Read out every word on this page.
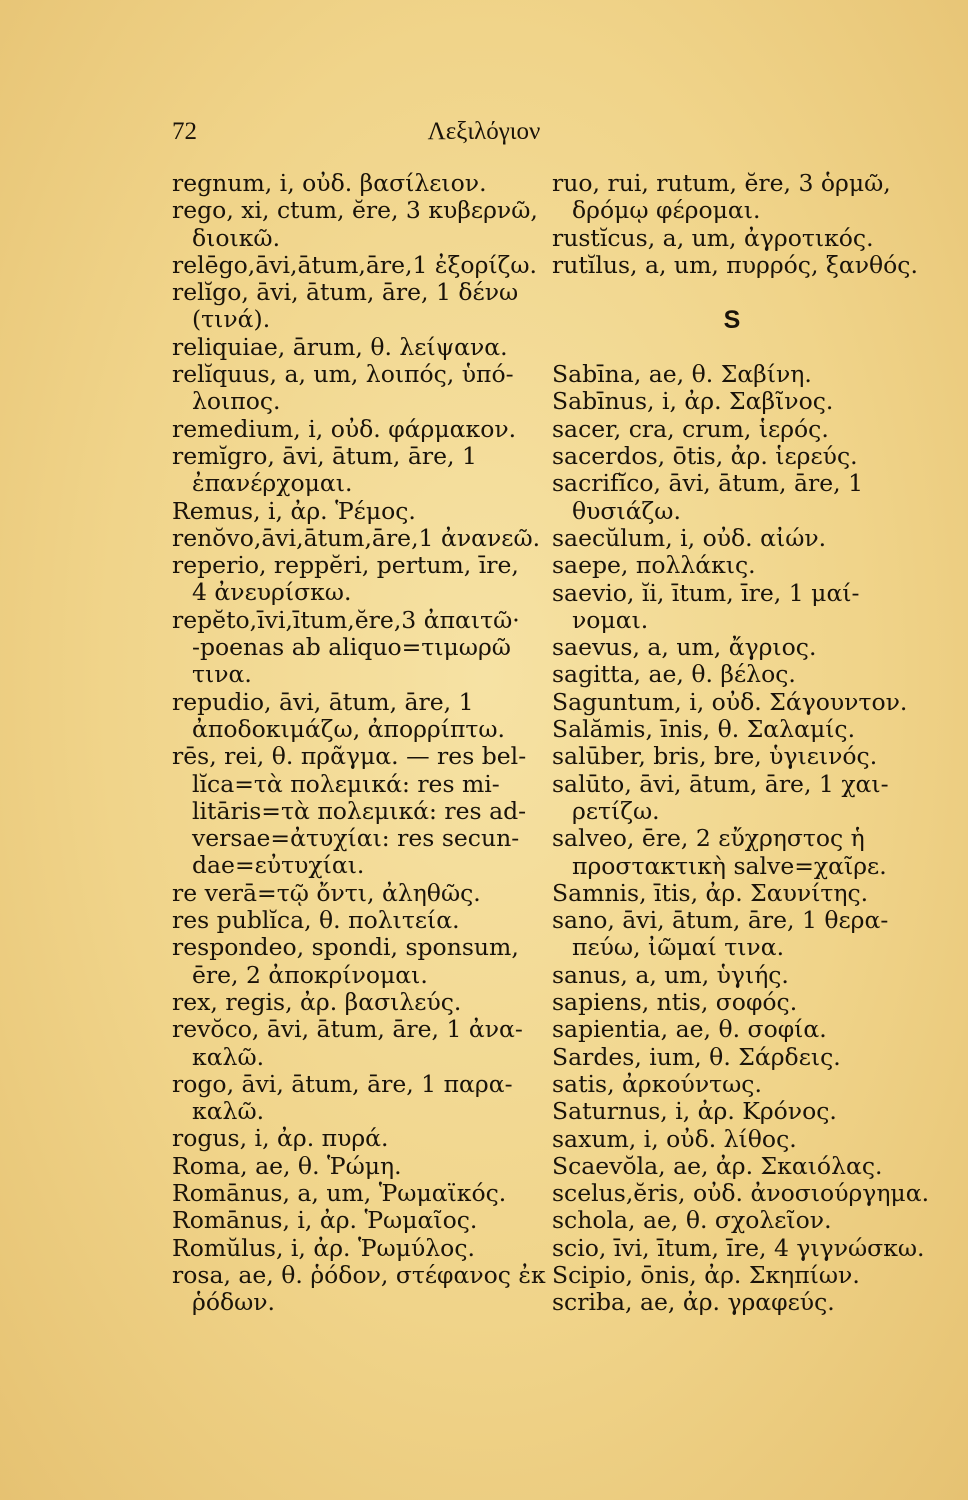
72	Λεξιλόγιον
regnum, i, οὐδ. βασίλειον.
rego, xi, ctum, ĕre, 3 κυβερνῶ,
διοικῶ.
relēgo,āvi,ātum,āre,1 ἐξορίζω.
relĭgo, āvi, ātum, āre, 1 δένω
(τινά).
reliquiae, ārum, θ. λείψανα.
relĭquus, a, um, λοιπός, ὑπό-
λοιπος.
remedium, i, οὐδ. φάρμακον.
remĭgro, āvi, ātum, āre, 1
ἐπανέρχομαι.
Remus, i, ἀρ. Ῥέμος.
renŏvo,āvi,ātum,āre,1 ἀνανεῶ.
reperio, reppĕri, pertum, īre,
4 ἀνευρίσκω.
repĕto,īvi,ītum,ĕre,3 ἀπαιτῶ·
-poenas ab aliquo=τιμωρῶ
τινα.
repudio, āvi, ātum, āre, 1
ἀποδοκιμάζω, ἀπορρίπτω.
rēs, rei, θ. πρᾶγμα. — res bel-
lĭca=τὰ πολεμικά: res mi-
litāris=τὰ πολεμικά: res ad-
versae=ἀτυχίαι: res secun-
dae=εὐτυχίαι.
re verā=τῷ ὄντι, ἀληθῶς.
res publĭca, θ. πολιτεία.
respondeo, spondi, sponsum,
ēre, 2 ἀποκρίνομαι.
rex, regis, ἀρ. βασιλεύς.
revŏco, āvi, ātum, āre, 1 ἀνα-
καλῶ.
rogo, āvi, ātum, āre, 1 παρα-
καλῶ.
rogus, i, ἀρ. πυρά.
Roma, ae, θ. Ῥώμη.
Romānus, a, um, Ῥωμαϊκός.
Romānus, i, ἀρ. Ῥωμαῖος.
Romŭlus, i, ἀρ. Ῥωμύλος.
rosa, ae, θ. ῥόδον, στέφανος ἐκ
ῥόδων.
ruo, rui, rutum, ĕre, 3 ὁρμῶ,
δρόμῳ φέρομαι.
rustĭcus, a, um, ἀγροτικός.
rutĭlus, a, um, πυρρός, ξανθός.
S
Sabīna, ae, θ. Σαβίνη.
Sabīnus, i, ἀρ. Σαβῖνος.
sacer, cra, crum, ἱερός.
sacerdos, ōtis, ἀρ. ἱερεύς.
sacrifĭco, āvi, ātum, āre, 1
θυσιάζω.
saecŭlum, i, οὐδ. αἰών.
saepe, πολλάκις.
saevio, ĭi, ītum, īre, 1 μαί-
νομαι.
saevus, a, um, ἄγριος.
sagitta, ae, θ. βέλος.
Saguntum, i, οὐδ. Σάγουντον.
Salămis, īnis, θ. Σαλαμίς.
salūber, bris, bre, ὑγιεινός.
salūto, āvi, ātum, āre, 1 χαι-
ρετίζω.
salveo, ēre, 2 εὔχρηστος ἡ
προστακτικὴ salve=χαῖρε.
Samnis, ītis, ἀρ. Σαυνίτης.
sano, āvi, ātum, āre, 1 θερα-
πεύω, ἰῶμαί τινα.
sanus, a, um, ὑγιής.
sapiens, ntis, σοφός.
sapientia, ae, θ. σοφία.
Sardes, ium, θ. Σάρδεις.
satis, ἀρκούντως.
Saturnus, i, ἀρ. Κρόνος.
saxum, i, οὐδ. λίθος.
Scaevŏla, ae, ἀρ. Σκαιόλας.
scelus,ĕris, οὐδ. ἀνοσιούργημα.
schola, ae, θ. σχολεῖον.
scio, īvi, ītum, īre, 4 γιγνώσκω.
Scipio, ōnis, ἀρ. Σκηπίων.
scriba, ae, ἀρ. γραφεύς.
